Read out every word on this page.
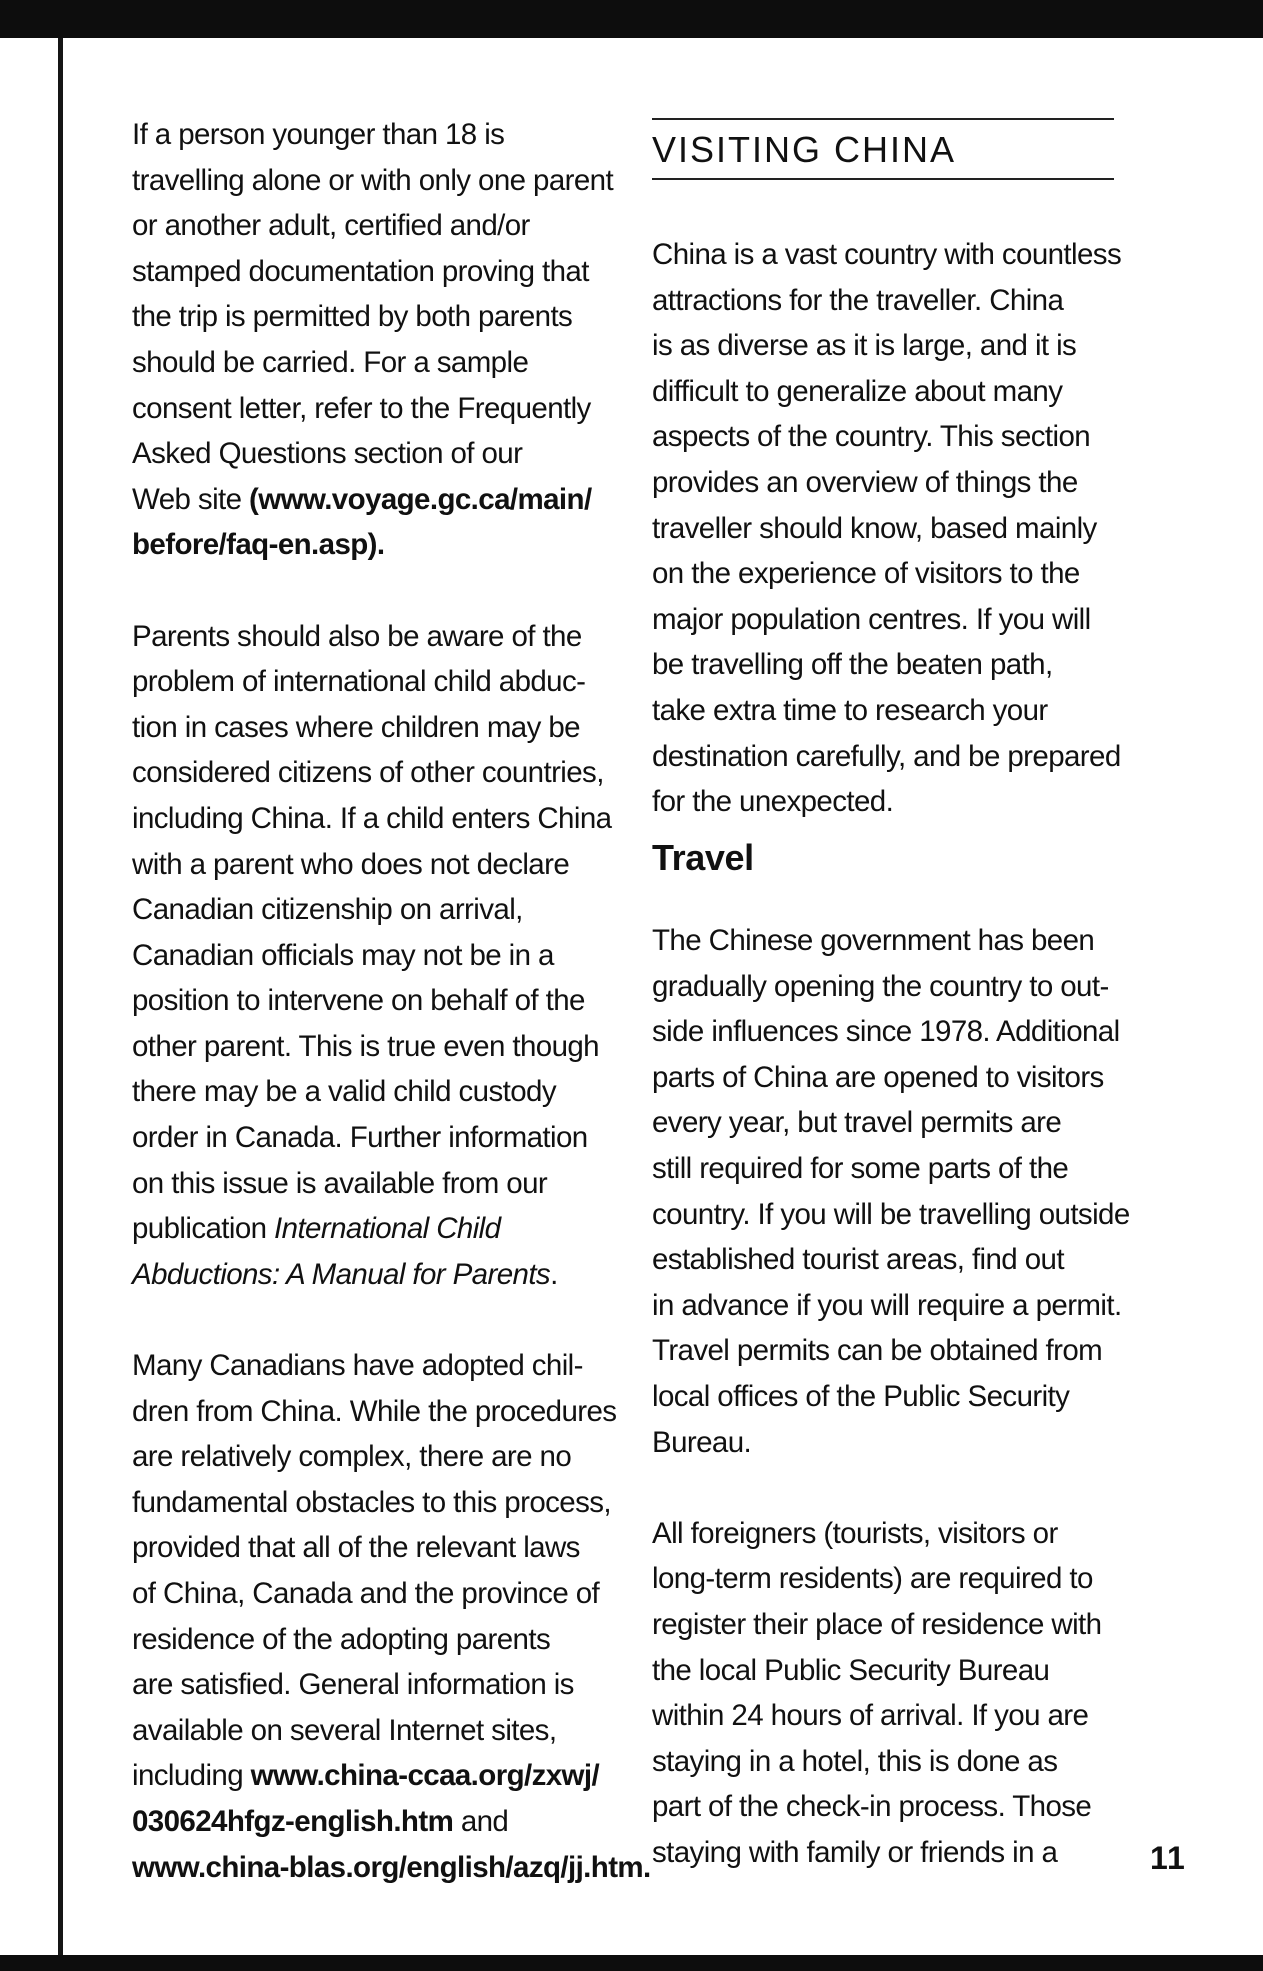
If a person younger than 18 is
travelling alone or with only one parent
or another adult, certified and/or
stamped documentation proving that
the trip is permitted by both parents
should be carried. For a sample
consent letter, refer to the Frequently
Asked Questions section of our
Web site (www.voyage.gc.ca/main/
before/faq-en.asp).

Parents should also be aware of the
problem of international child abduc-
tion in cases where children may be
considered citizens of other countries,
including China. If a child enters China
with a parent who does not declare
Canadian citizenship on arrival,
Canadian officials may not be in a
position to intervene on behalf of the
other parent. This is true even though
there may be a valid child custody
order in Canada. Further information
on this issue is available from our
publication International Child
Abductions: A Manual for Parents.

Many Canadians have adopted chil-
dren from China. While the procedures
are relatively complex, there are no
fundamental obstacles to this process,
provided that all of the relevant laws
of China, Canada and the province of
residence of the adopting parents
are satisfied. General information is
available on several Internet sites,
including www.china-ccaa.org/zxwj/
030624hfgz-english.htm and
www.china-blas.org/english/azq/jj.htm.

VISITING CHINA

China is a vast country with countless
attractions for the traveller. China
is as diverse as it is large, and it is
difficult to generalize about many
aspects of the country. This section
provides an overview of things the
traveller should know, based mainly
on the experience of visitors to the
major population centres. If you will
be travelling off the beaten path,
take extra time to research your
destination carefully, and be prepared
for the unexpected.

Travel

The Chinese government has been
gradually opening the country to out-
side influences since 1978. Additional
parts of China are opened to visitors
every year, but travel permits are
still required for some parts of the
country. If you will be travelling outside
established tourist areas, find out
in advance if you will require a permit.
Travel permits can be obtained from
local offices of the Public Security
Bureau.

All foreigners (tourists, visitors or
long-term residents) are required to
register their place of residence with
the local Public Security Bureau
within 24 hours of arrival. If you are
staying in a hotel, this is done as
part of the check-in process. Those
staying with family or friends in a	11
